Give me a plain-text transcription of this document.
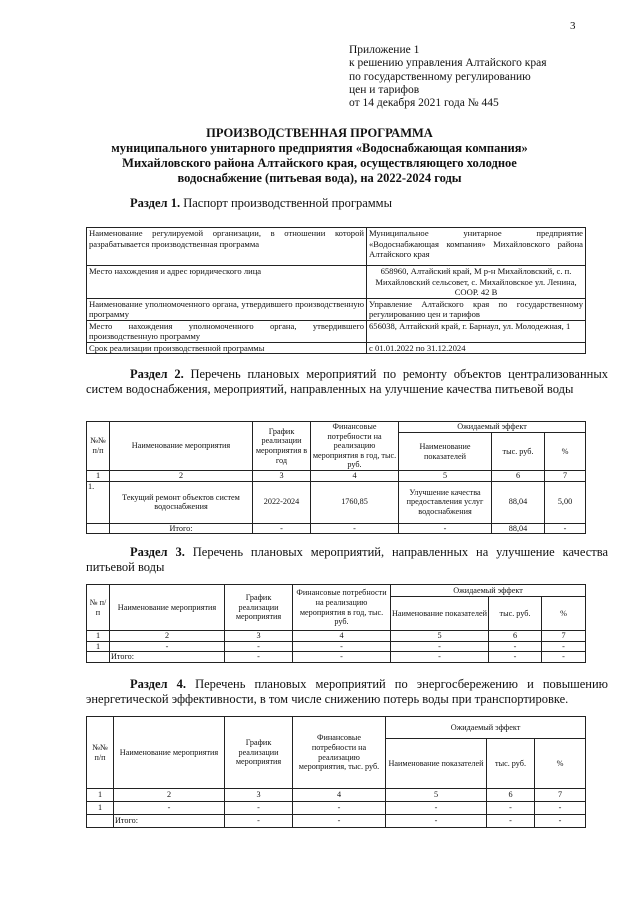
3
Приложение 1
к решению управления Алтайского края
по государственному регулированию
цен и тарифов
от 14 декабря 2021 года № 445
ПРОИЗВОДСТВЕННАЯ ПРОГРАММА
муниципального унитарного предприятия «Водоснабжающая компания»
Михайловского района Алтайского края, осуществляющего холодное
водоснабжение (питьевая вода), на 2022-2024 годы
Раздел 1. Паспорт производственной программы
Наименование регулируемой организации, в отношении которой разрабатывается производственная программа	Муниципальное унитарное предприятие «Водоснабжающая компания» Михайловского района Алтайского края
Место нахождения и адрес юридического лица	658960, Алтайский край, М р-н Михайловский, с. п. Михайловский сельсовет, с. Михайловское ул. Ленина, СООР. 42 В
Наименование уполномоченного органа, утвердившего производственную программу	Управление Алтайского края по государственному регулированию цен и тарифов
Место нахождения уполномоченного органа, утвердившего производственную программу	656038, Алтайский край, г. Барнаул, ул. Молодежная, 1
Срок реализации производственной программы	с 01.01.2022 по 31.12.2024
Раздел 2. Перечень плановых мероприятий по ремонту объектов централизованных систем водоснабжения, мероприятий, направленных на улучшение качества питьевой воды
№№ п/п	Наименование мероприятия	График реализации мероприятия в год	Финансовые потребности на реализацию мероприятия в год, тыс. руб.	Ожидаемый эффект		
				Наименование показателей	тыс. руб.	%
1	2	3	4	5	6	7
1.	Текущий ремонт объектов систем водоснабжения	2022-2024	1760,85	Улучшение качества предоставления услуг водоснабжения	88,04	5,00
	Итого:	-	-	-	88,04	-
Раздел 3. Перечень плановых мероприятий, направленных на улучшение качества питьевой воды
№ п/п	Наименование мероприятия	График реализации мероприятия	Финансовые потребности на реализацию мероприятия в год, тыс. руб.	Ожидаемый эффект		
				Наименование показателей	тыс. руб.	%
1	2	3	4	5	6	7
1	-	-	-	-	-	-
	Итого:	-	-	-	-	-
Раздел 4. Перечень плановых мероприятий по энергосбережению и повышению энергетической эффективности, в том числе снижению потерь воды при транспортировке.
№№ п/п	Наименование мероприятия	График реализации мероприятия	Финансовые потребности на реализацию мероприятия, тыс. руб.	Ожидаемый эффект		
				Наименование показателей	тыс. руб.	%
1	2	3	4	5	6	7
1	-	-	-	-	-	-
	Итого:	-	-	-	-	-
